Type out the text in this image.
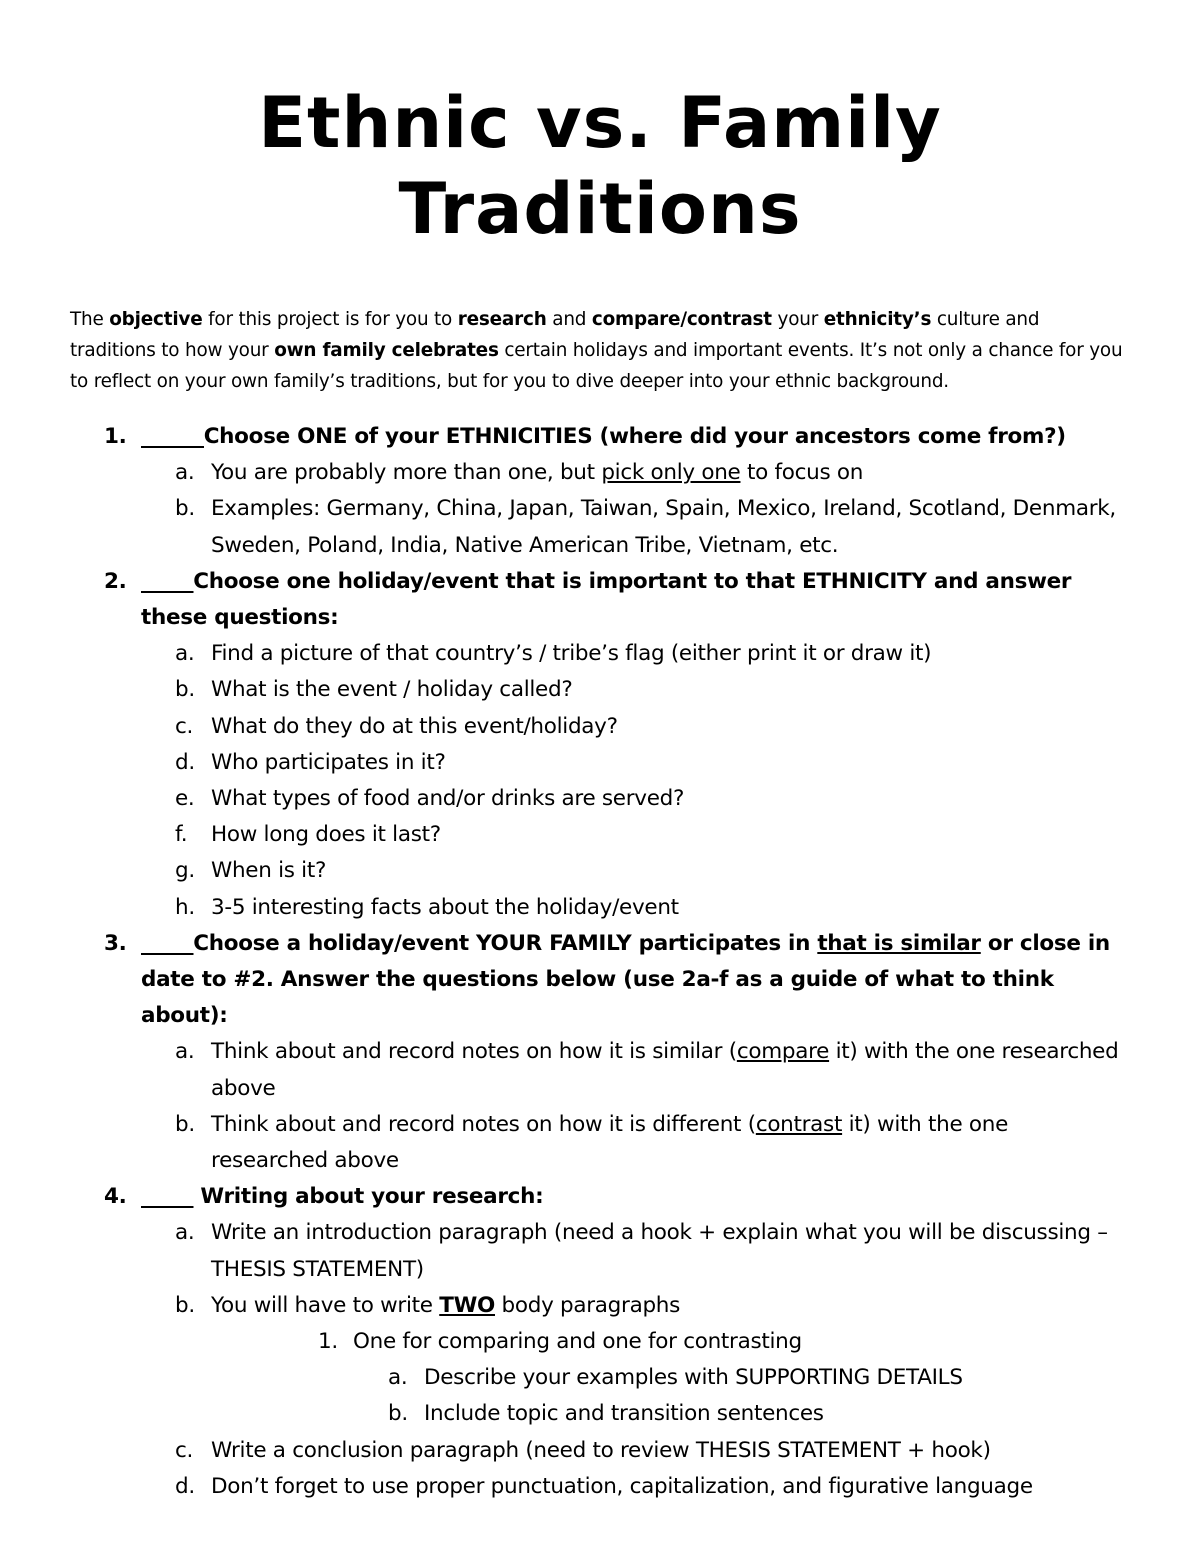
Ethnic vs. Family
Traditions
The objective for this project is for you to research and compare/contrast your ethnicity’s culture and traditions to how your own family celebrates certain holidays and important events. It’s not only a chance for you to reflect on your own family’s traditions, but for you to dive deeper into your ethnic background.
1. ______Choose ONE of your ETHNICITIES (where did your ancestors come from?)
a. You are probably more than one, but pick only one to focus on
b. Examples: Germany, China, Japan, Taiwan, Spain, Mexico, Ireland, Scotland, Denmark, Sweden, Poland, India, Native American Tribe, Vietnam, etc.
2. _____Choose one holiday/event that is important to that ETHNICITY and answer these questions:
a. Find a picture of that country’s / tribe’s flag (either print it or draw it)
b. What is the event / holiday called?
c. What do they do at this event/holiday?
d. Who participates in it?
e. What types of food and/or drinks are served?
f. How long does it last?
g. When is it?
h. 3-5 interesting facts about the holiday/event
3. _____Choose a holiday/event YOUR FAMILY participates in that is similar or close in date to #2. Answer the questions below (use 2a-f as a guide of what to think about):
a. Think about and record notes on how it is similar (compare it) with the one researched above
b. Think about and record notes on how it is different (contrast it) with the one researched above
4. _____ Writing about your research:
a. Write an introduction paragraph (need a hook + explain what you will be discussing – THESIS STATEMENT)
b. You will have to write TWO body paragraphs
1. One for comparing and one for contrasting
a. Describe your examples with SUPPORTING DETAILS
b. Include topic and transition sentences
c. Write a conclusion paragraph (need to review THESIS STATEMENT + hook)
d. Don’t forget to use proper punctuation, capitalization, and figurative language
